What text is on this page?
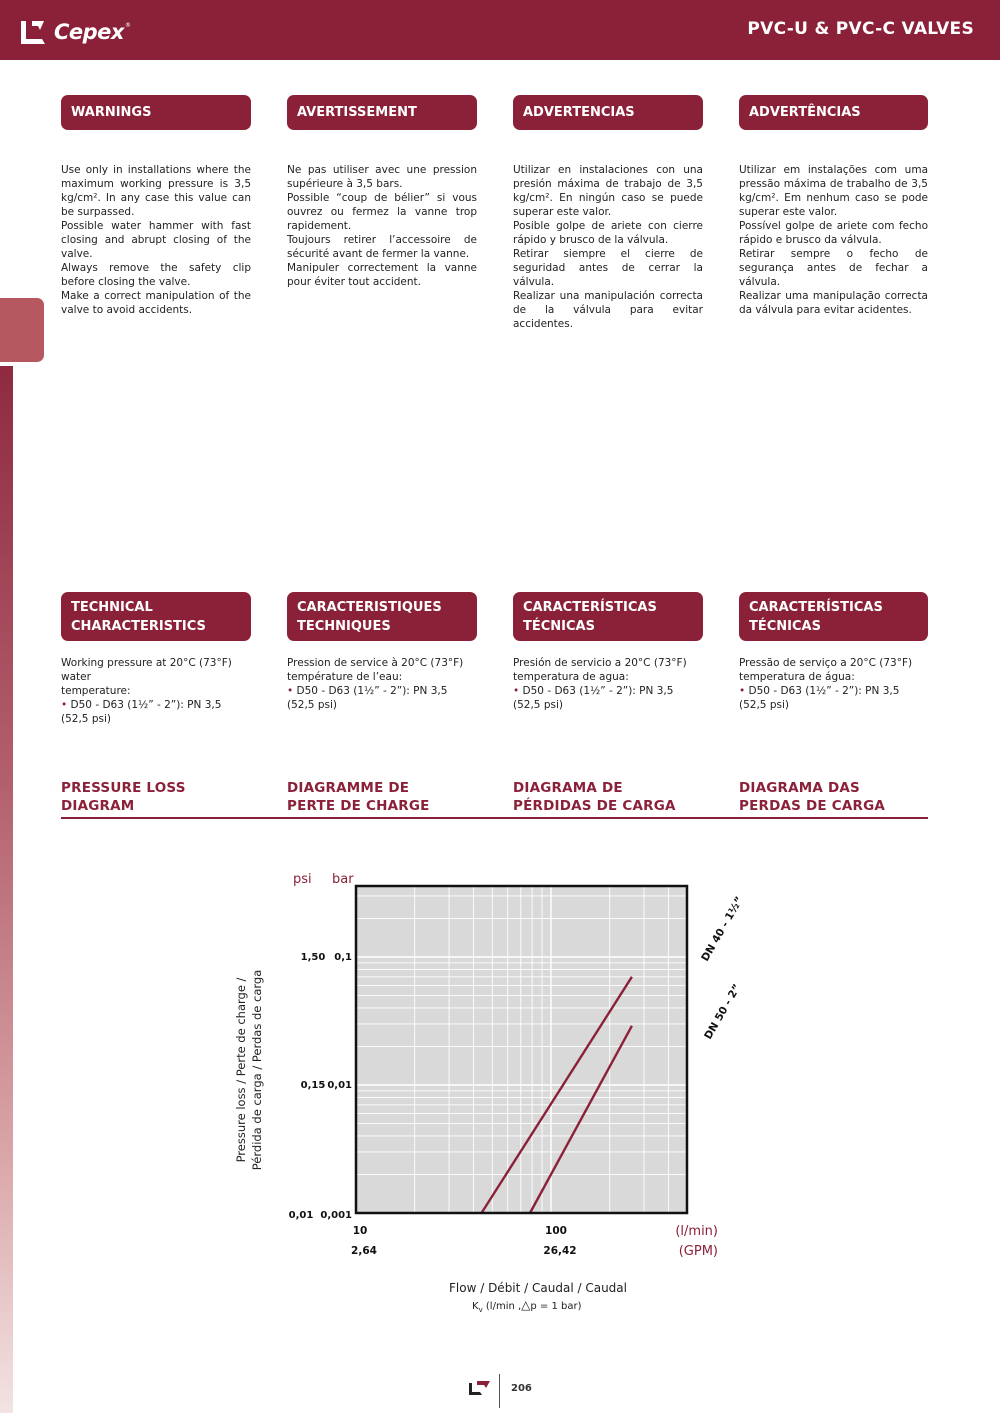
Cepex ®	PVC-U & PVC-C VALVES
WARNINGS	AVERTISSEMENT	ADVERTENCIAS	ADVERTÊNCIAS

Use only in installations where the maximum working pressure is 3,5 kg/cm². In any case this value can be surpassed.

Possible water hammer with fast closing and abrupt closing of the valve.

Always remove the safety clip before closing the valve.

Make a correct manipulation of the valve to avoid accidents.

Ne pas utiliser avec une pression supérieure à 3,5 bars.

Possible “coup de bélier” si vous ouvrez ou fermez la vanne trop rapidement.

Toujours retirer l’accessoire de sécurité avant de fermer la vanne.

Manipuler correctement la vanne pour éviter tout accident.

Utilizar en instalaciones con una presión máxima de trabajo de 3,5 kg/cm². En ningún caso se puede superar este valor.

Posible golpe de ariete con cierre rápido y brusco de la válvula.

Retirar siempre el cierre de seguridad antes de cerrar la válvula.

Realizar una manipulación correcta de la válvula para evitar accidentes.

Utilizar em instalações com uma pressão máxima de trabalho de 3,5 kg/cm². Em nenhum caso se pode superar este valor.

Possível golpe de ariete com fecho rápido e brusco da válvula.

Retirar sempre o fecho de segurança antes de fechar a válvula.

Realizar uma manipulação correcta da válvula para evitar acidentes.

TECHNICAL
CHARACTERISTICS
CARACTERISTIQUES
TECHNIQUES
CARACTERÍSTICAS
TÉCNICAS
CARACTERÍSTICAS
TÉCNICAS

Working pressure at 20°C (73°F) water

temperature:

• D50 - D63 (1½” - 2”): PN 3,5

(52,5 psi)

Pression de service à 20°C (73°F)

température de l’eau:

• D50 - D63 (1½” - 2”): PN 3,5

(52,5 psi)

Presión de servicio a 20°C (73°F)

temperatura de agua:

• D50 - D63 (1½” - 2”): PN 3,5

(52,5 psi)

Pressão de serviço a 20°C (73°F)

temperatura de água:

• D50 - D63 (1½” - 2”): PN 3,5

(52,5 psi)

PRESSURE LOSS
DIAGRAM
DIAGRAMME DE
PERTE DE CHARGE
DIAGRAMA DE
PÉRDIDAS DE CARGA
DIAGRAMA DAS
PERDAS DE CARGA
psi bar
1,50 0,1
0,15 0,01
0,01 0,001
10
2,64
100
26,42
(l/min)
(GPM)
Pressure loss / Perte de charge / Pérdida de carga / Perdas de carga
Flow / Débit / Caudal / Caudal
$K_v$ (l/min ,△p = 1 bar)
DN 40 - 1½”
DN 50 - 2”
206
